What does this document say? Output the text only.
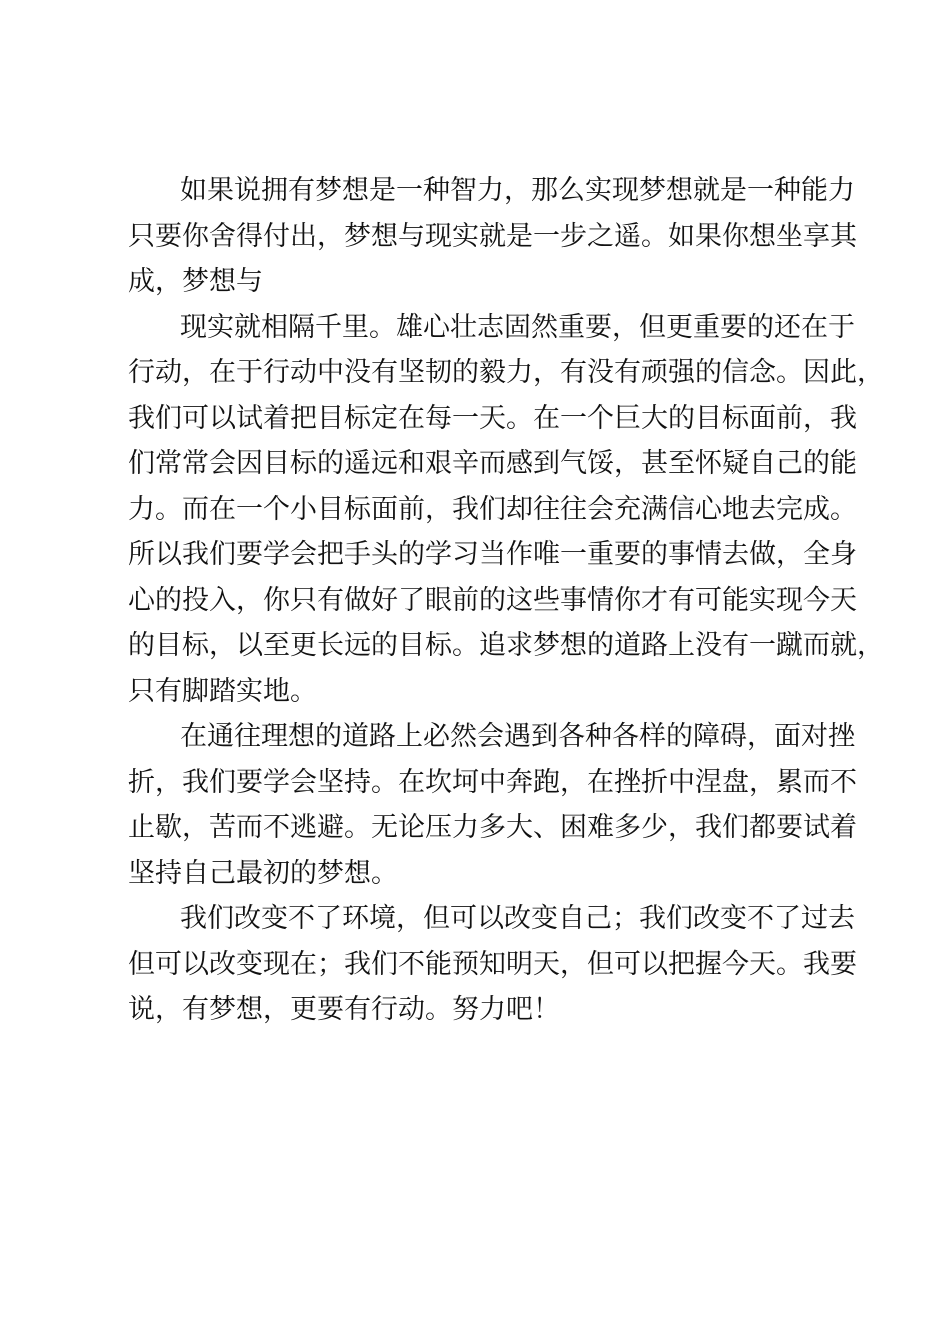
如果说拥有梦想是一种智力，那么实现梦想就是一种能力
只要你舍得付出，梦想与现实就是一步之遥。如果你想坐享其
成，梦想与
现实就相隔千里。雄心壮志固然重要，但更重要的还在于
行动，在于行动中没有坚韧的毅力，有没有顽强的信念。因此，
我们可以试着把目标定在每一天。在一个巨大的目标面前，我
们常常会因目标的遥远和艰辛而感到气馁，甚至怀疑自己的能
力。而在一个小目标面前，我们却往往会充满信心地去完成。
所以我们要学会把手头的学习当作唯一重要的事情去做，全身
心的投入，你只有做好了眼前的这些事情你才有可能实现今天
的目标，以至更长远的目标。追求梦想的道路上没有一蹴而就，
只有脚踏实地。
在通往理想的道路上必然会遇到各种各样的障碍，面对挫
折，我们要学会坚持。在坎坷中奔跑，在挫折中涅盘，累而不
止歇，苦而不逃避。无论压力多大、困难多少，我们都要试着
坚持自己最初的梦想。
我们改变不了环境，但可以改变自己；我们改变不了过去
但可以改变现在；我们不能预知明天，但可以把握今天。我要
说，有梦想，更要有行动。努力吧！
